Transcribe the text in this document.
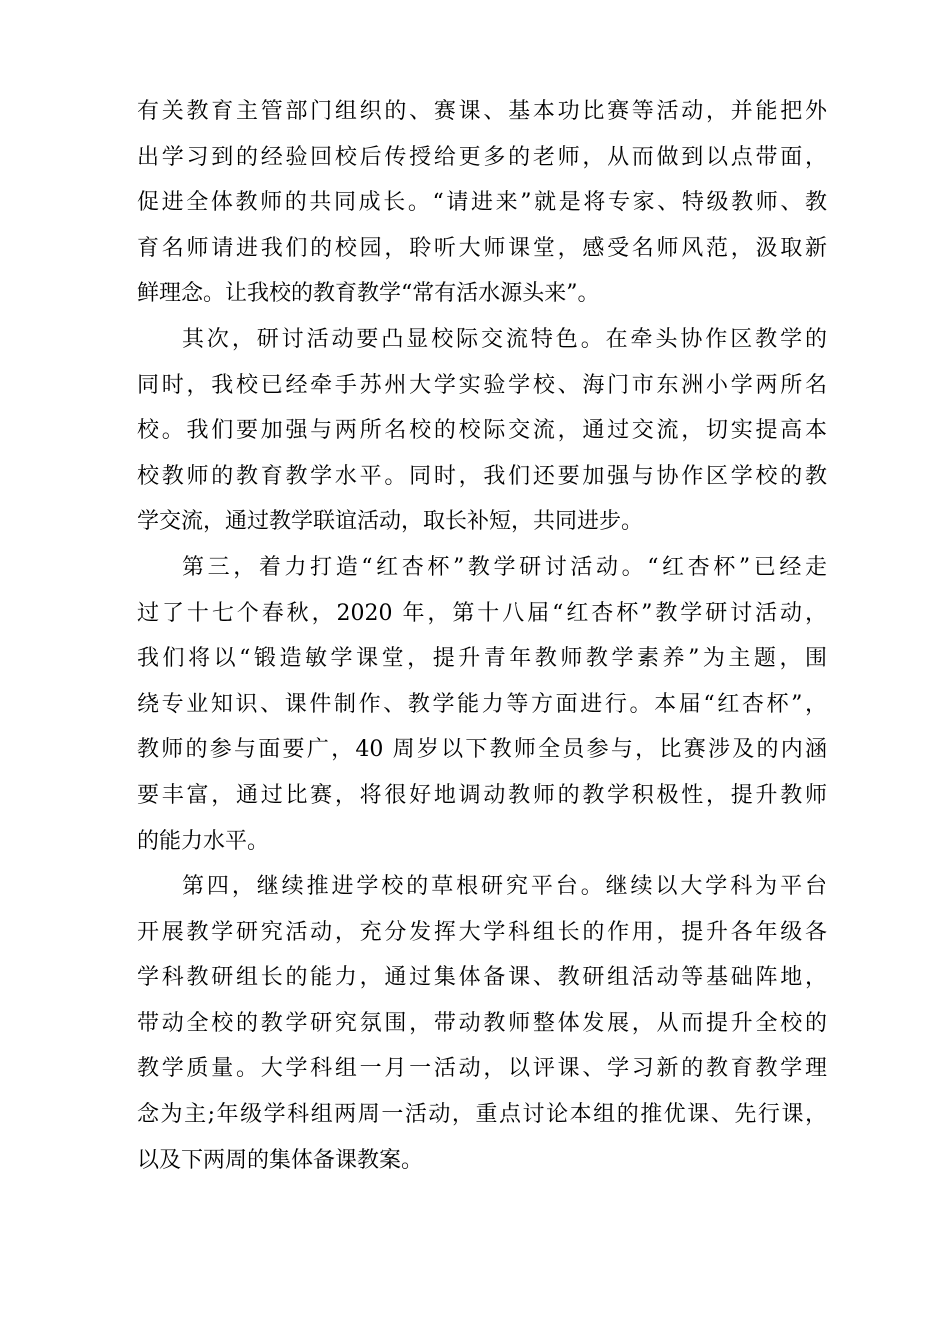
有关教育主管部门组织的、赛课、基本功比赛等活动，并能把外
出学习到的经验回校后传授给更多的老师，从而做到以点带面，
促进全体教师的共同成长。“请进来”就是将专家、特级教师、教
育名师请进我们的校园，聆听大师课堂，感受名师风范，汲取新
鲜理念。让我校的教育教学“常有活水源头来”。
其次，研讨活动要凸显校际交流特色。在牵头协作区教学的
同时，我校已经牵手苏州大学实验学校、海门市东洲小学两所名
校。我们要加强与两所名校的校际交流，通过交流，切实提高本
校教师的教育教学水平。同时，我们还要加强与协作区学校的教
学交流，通过教学联谊活动，取长补短，共同进步。
第三，着力打造“红杏杯”教学研讨活动。“红杏杯”已经走
过了十七个春秋，2020 年，第十八届“红杏杯”教学研讨活动，
我们将以“锻造敏学课堂，提升青年教师教学素养”为主题，围
绕专业知识、课件制作、教学能力等方面进行。本届“红杏杯”，
教师的参与面要广，40 周岁以下教师全员参与，比赛涉及的内涵
要丰富，通过比赛，将很好地调动教师的教学积极性，提升教师
的能力水平。
第四，继续推进学校的草根研究平台。继续以大学科为平台
开展教学研究活动，充分发挥大学科组长的作用，提升各年级各
学科教研组长的能力，通过集体备课、教研组活动等基础阵地，
带动全校的教学研究氛围，带动教师整体发展，从而提升全校的
教学质量。大学科组一月一活动，以评课、学习新的教育教学理
念为主;年级学科组两周一活动，重点讨论本组的推优课、先行课，
以及下两周的集体备课教案。
